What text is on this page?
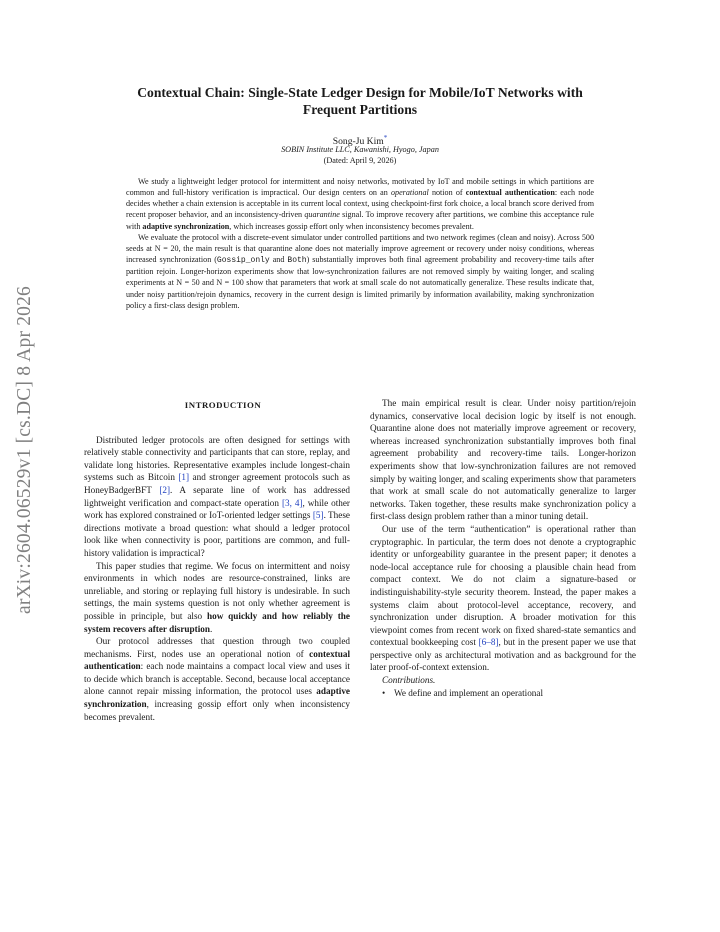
arXiv:2604.06529v1 [cs.DC] 8 Apr 2026
Contextual Chain: Single-State Ledger Design for Mobile/IoT Networks with
Frequent Partitions
Song-Ju Kim*
SOBIN Institute LLC, Kawanishi, Hyogo, Japan
(Dated: April 9, 2026)

We study a lightweight ledger protocol for intermittent and noisy networks, motivated by IoT and mobile settings in which partitions are common and full-history verification is impractical. Our design centers on an operational notion of contextual authentication: each node decides whether a chain extension is acceptable in its current local context, using checkpoint-first fork choice, a local branch score derived from recent proposer behavior, and an inconsistency-driven quarantine signal. To improve recovery after partitions, we combine this acceptance rule with adaptive synchronization, which increases gossip effort only when inconsistency becomes prevalent.

We evaluate the protocol with a discrete-event simulator under controlled partitions and two network regimes (clean and noisy). Across 500 seeds at N = 20, the main result is that quarantine alone does not materially improve agreement or recovery under noisy conditions, whereas increased synchronization (Gossip_only and Both) substantially improves both final agreement probability and recovery-time tails after partition rejoin. Longer-horizon experiments show that low-synchronization failures are not removed simply by waiting longer, and scaling experiments at N = 50 and N = 100 show that parameters that work at small scale do not automatically generalize. These results indicate that, under noisy partition/rejoin dynamics, recovery in the current design is limited primarily by information availability, making synchronization policy a first-class design problem.

INTRODUCTION

Distributed ledger protocols are often designed for settings with relatively stable connectivity and participants that can store, replay, and validate long histories. Representative examples include longest-chain systems such as Bitcoin [1] and stronger agreement protocols such as HoneyBadgerBFT [2]. A separate line of work has addressed lightweight verification and compact-state operation [3, 4], while other work has explored constrained or IoT-oriented ledger settings [5]. These directions motivate a broad question: what should a ledger protocol look like when connectivity is poor, partitions are common, and full-history validation is impractical?

This paper studies that regime. We focus on intermittent and noisy environments in which nodes are resource-constrained, links are unreliable, and storing or replaying full history is undesirable. In such settings, the main systems question is not only whether agreement is possible in principle, but also how quickly and how reliably the system recovers after disruption.

Our protocol addresses that question through two coupled mechanisms. First, nodes use an operational notion of contextual authentication: each node maintains a compact local view and uses it to decide which branch is acceptable. Second, because local acceptance alone cannot repair missing information, the protocol uses adaptive synchronization, increasing gossip effort only when inconsistency becomes prevalent.

The main empirical result is clear. Under noisy partition/rejoin dynamics, conservative local decision logic by itself is not enough. Quarantine alone does not materially improve agreement or recovery, whereas increased synchronization substantially improves both final agreement probability and recovery-time tails. Longer-horizon experiments show that low-synchronization failures are not removed simply by waiting longer, and scaling experiments show that parameters that work at small scale do not automatically generalize to larger networks. Taken together, these results make synchronization policy a first-class design problem rather than a minor tuning detail.

Our use of the term “authentication” is operational rather than cryptographic. In particular, the term does not denote a cryptographic identity or unforgeability guarantee in the present paper; it denotes a node-local acceptance rule for choosing a plausible chain head from compact context. We do not claim a signature-based or indistinguishability-style security theorem. Instead, the paper makes a systems claim about protocol-level acceptance, recovery, and synchronization under disruption. A broader motivation for this viewpoint comes from recent work on fixed shared-state semantics and contextual bookkeeping cost [6–8], but in the present paper we use that perspective only as architectural motivation and as background for the later proof-of-context extension.

Contributions.

• We define and implement an operational
